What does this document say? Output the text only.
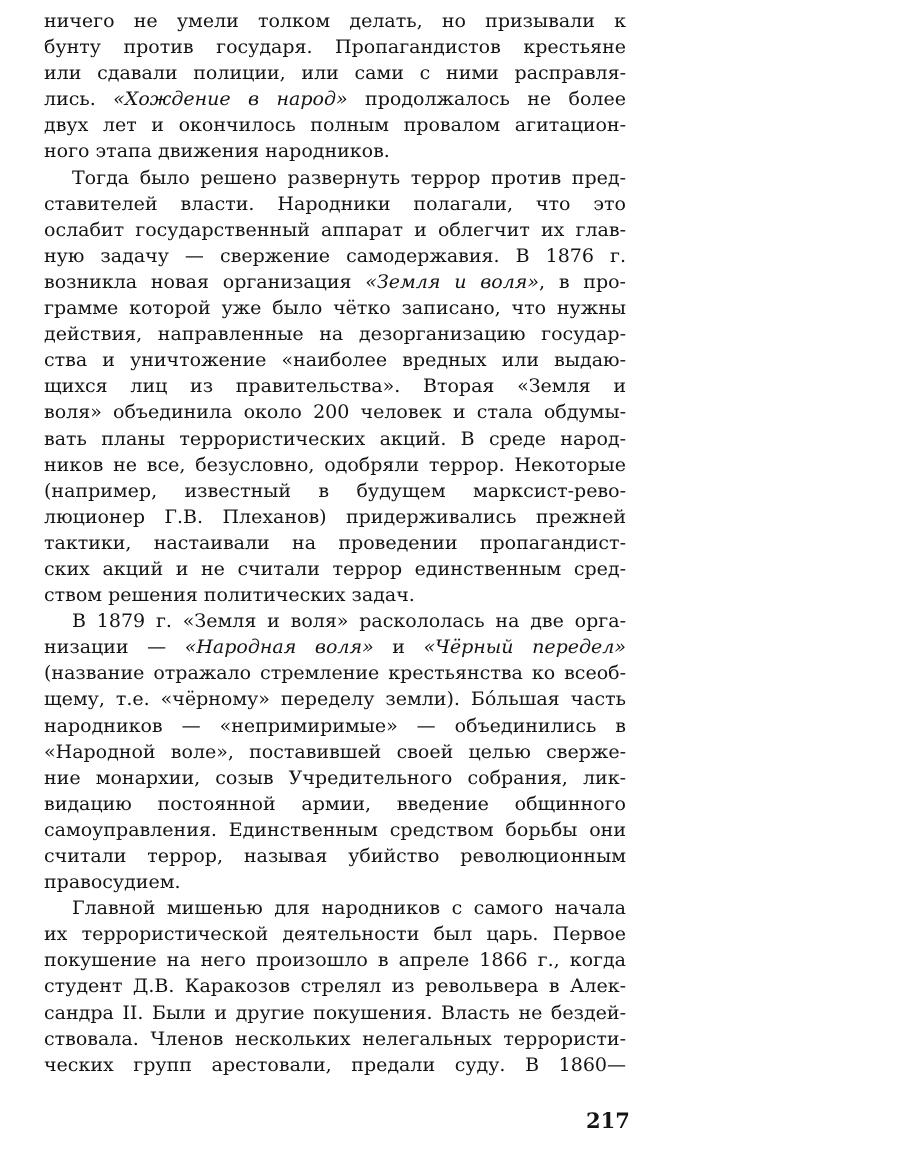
ничего не умели толком делать, но призывали к
бунту против государя. Пропагандистов крестьяне
или сдавали полиции, или сами с ними расправля-
лись. «Хождение в народ» продолжалось не более
двух лет и окончилось полным провалом агитацион-
ного этапа движения народников.
Тогда было решено развернуть террор против пред-
ставителей власти. Народники полагали, что это
ослабит государственный аппарат и облегчит их глав-
ную задачу — свержение самодержавия. В 1876 г.
возникла новая организация «Земля и воля», в про-
грамме которой уже было чётко записано, что нужны
действия, направленные на дезорганизацию государ-
ства и уничтожение «наиболее вредных или выдаю-
щихся лиц из правительства». Вторая «Земля и
воля» объединила около 200 человек и стала обдумы-
вать планы террористических акций. В среде народ-
ников не все, безусловно, одобряли террор. Некоторые
(например, известный в будущем марксист-рево-
люционер Г.В. Плеханов) придерживались прежней
тактики, настаивали на проведении пропагандист-
ских акций и не считали террор единственным сред-
ством решения политических задач.
В 1879 г. «Земля и воля» раскололась на две орга-
низации — «Народная воля» и «Чёрный передел»
(название отражало стремление крестьянства ко всеоб-
щему, т.е. «чёрному» переделу земли). Бóльшая часть
народников — «непримиримые» — объединились в
«Народной воле», поставившей своей целью сверже-
ние монархии, созыв Учредительного собрания, лик-
видацию постоянной армии, введение общинного
самоуправления. Единственным средством борьбы они
считали террор, называя убийство революционным
правосудием.
Главной мишенью для народников с самого начала
их террористической деятельности был царь. Первое
покушение на него произошло в апреле 1866 г., когда
студент Д.В. Каракозов стрелял из револьвера в Алек-
сандра II. Были и другие покушения. Власть не бездей-
ствовала. Членов нескольких нелегальных террористи-
ческих групп арестовали, предали суду. В 1860—
217
